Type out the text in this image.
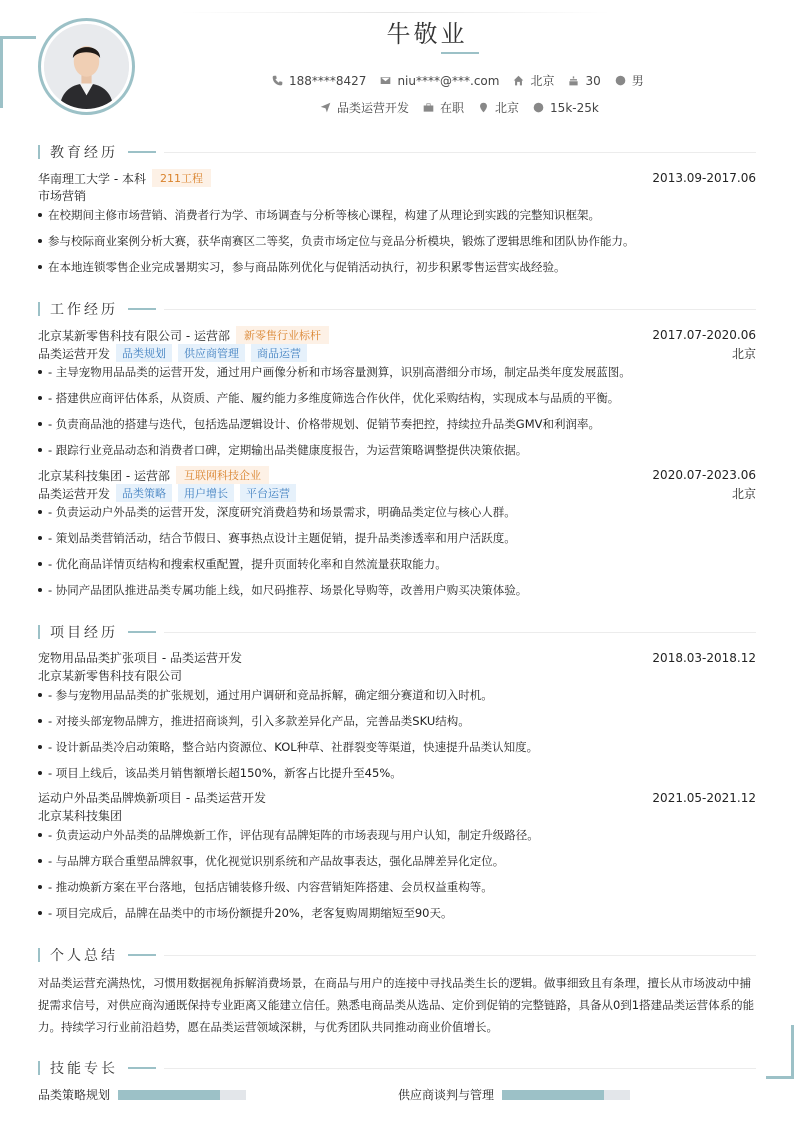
牛敬业
188****8427	niu****@***.com	北京	30	男
品类运营开发	在职	北京	15k-25k
教育经历
华南理工大学 - 本科	211工程	2013.09-2017.06
市场营销
在校期间主修市场营销、消费者行为学、市场调查与分析等核心课程，构建了从理论到实践的完整知识框架。
参与校际商业案例分析大赛，获华南赛区二等奖，负责市场定位与竞品分析模块，锻炼了逻辑思维和团队协作能力。
在本地连锁零售企业完成暑期实习，参与商品陈列优化与促销活动执行，初步积累零售运营实战经验。
工作经历
北京某新零售科技有限公司 - 运营部	新零售行业标杆	2017.07-2020.06
品类运营开发	品类规划	供应商管理	商品运营	北京
- 主导宠物用品品类的运营开发，通过用户画像分析和市场容量测算，识别高潜细分市场，制定品类年度发展蓝图。
- 搭建供应商评估体系，从资质、产能、履约能力多维度筛选合作伙伴，优化采购结构，实现成本与品质的平衡。
- 负责商品池的搭建与迭代，包括选品逻辑设计、价格带规划、促销节奏把控，持续拉升品类GMV和利润率。
- 跟踪行业竞品动态和消费者口碑，定期输出品类健康度报告，为运营策略调整提供决策依据。
北京某科技集团 - 运营部	互联网科技企业	2020.07-2023.06
品类运营开发	品类策略	用户增长	平台运营	北京
- 负责运动户外品类的运营开发，深度研究消费趋势和场景需求，明确品类定位与核心人群。
- 策划品类营销活动，结合节假日、赛事热点设计主题促销，提升品类渗透率和用户活跃度。
- 优化商品详情页结构和搜索权重配置，提升页面转化率和自然流量获取能力。
- 协同产品团队推进品类专属功能上线，如尺码推荐、场景化导购等，改善用户购买决策体验。
项目经历
宠物用品品类扩张项目 - 品类运营开发	2018.03-2018.12
北京某新零售科技有限公司
- 参与宠物用品品类的扩张规划，通过用户调研和竞品拆解，确定细分赛道和切入时机。
- 对接头部宠物品牌方，推进招商谈判，引入多款差异化产品，完善品类SKU结构。
- 设计新品类冷启动策略，整合站内资源位、KOL种草、社群裂变等渠道，快速提升品类认知度。
- 项目上线后，该品类月销售额增长超150%，新客占比提升至45%。
运动户外品类品牌焕新项目 - 品类运营开发	2021.05-2021.12
北京某科技集团
- 负责运动户外品类的品牌焕新工作，评估现有品牌矩阵的市场表现与用户认知，制定升级路径。
- 与品牌方联合重塑品牌叙事，优化视觉识别系统和产品故事表达，强化品牌差异化定位。
- 推动焕新方案在平台落地，包括店铺装修升级、内容营销矩阵搭建、会员权益重构等。
- 项目完成后，品牌在品类中的市场份额提升20%，老客复购周期缩短至90天。
个人总结
对品类运营充满热忱，习惯用数据视角拆解消费场景，在商品与用户的连接中寻找品类生长的逻辑。做事细致且有条理，擅长从市场波动中捕捉需求信号，对供应商沟通既保持专业距离又能建立信任。熟悉电商品类从选品、定价到促销的完整链路，具备从0到1搭建品类运营体系的能力。持续学习行业前沿趋势，愿在品类运营领域深耕，与优秀团队共同推动商业价值增长。
技能专长
品类策略规划	供应商谈判与管理
